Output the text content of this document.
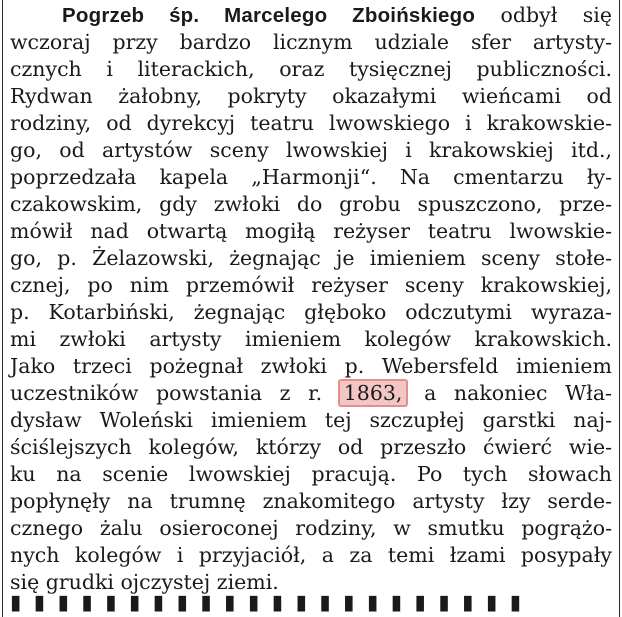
Pogrzeb śp. Marcelego Zboińskiego odbył się
wczoraj przy bardzo licznym udziale sfer artysty-
cznych i literackich, oraz tysięcznej publiczności.
Rydwan żałobny, pokryty okazałymi wieńcami od
rodziny, od dyrekcyj teatru lwowskiego i krakowskie-
go, od artystów sceny lwowskiej i krakowskiej itd.,
poprzedzała kapela „Harmonji“. Na cmentarzu ły-
czakowskim, gdy zwłoki do grobu spuszczono, prze-
mówił nad otwartą mogiłą reżyser teatru lwowskie-
go, p. Żelazowski, żegnając je imieniem sceny stołe-
cznej, po nim przemówił reżyser sceny krakowskiej,
p. Kotarbiński, żegnając głęboko odczutymi wyraza-
mi zwłoki artysty imieniem kolegów krakowskich.
Jako trzeci pożegnał zwłoki p. Webersfeld imieniem
uczestników powstania z r. 1863, a nakoniec Wła-
dysław Woleński imieniem tej szczupłej garstki naj-
ściślejszych kolegów, którzy od przeszło ćwierć wie-
ku na scenie lwowskiej pracują. Po tych słowach
popłynęły na trumnę znakomitego artysty łzy serde-
cznego żalu osieroconej rodziny, w smutku pogrążo-
nych kolegów i przyjaciół, a za temi łzami posypały
się grudki ojczystej ziemi.
▮ ▮ ▮ ▮ ▮ ▮ ▮ ▮ ▮ ▮ ▮ ▮ ▮ ▮ ▮ ▮ ▮ ▮ ▮ ▮ ▮ ▮
